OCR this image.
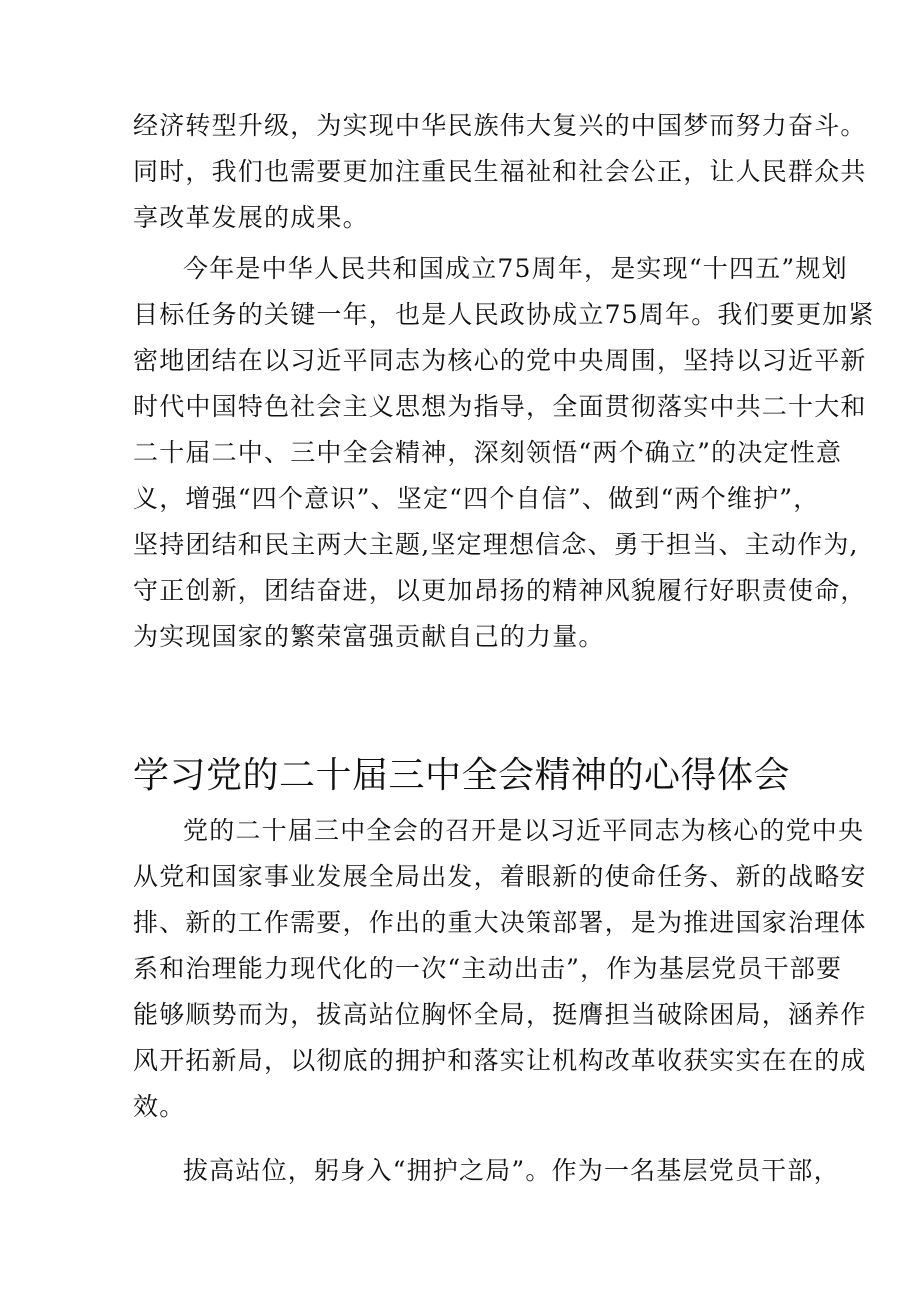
经济转型升级，为实现中华民族伟大复兴的中国梦而努力奋斗。
同时，我们也需要更加注重民生福祉和社会公正，让人民群众共
享改革发展的成果。
今年是中华人民共和国成立75周年，是实现“十四五”规划
目标任务的关键一年，也是人民政协成立75周年。我们要更加紧
密地团结在以习近平同志为核心的党中央周围，坚持以习近平新
时代中国特色社会主义思想为指导，全面贯彻落实中共二十大和
二十届二中、三中全会精神，深刻领悟“两个确立”的决定性意
义，增强“四个意识”、坚定“四个自信”、做到“两个维护”，
坚持团结和民主两大主题,坚定理想信念、勇于担当、主动作为,
守正创新，团结奋进，以更加昂扬的精神风貌履行好职责使命，
为实现国家的繁荣富强贡献自己的力量。
学习党的二十届三中全会精神的心得体会
党的二十届三中全会的召开是以习近平同志为核心的党中央
从党和国家事业发展全局出发，着眼新的使命任务、新的战略安
排、新的工作需要，作出的重大决策部署，是为推进国家治理体
系和治理能力现代化的一次“主动出击”，作为基层党员干部要
能够顺势而为，拔高站位胸怀全局，挺膺担当破除困局，涵养作
风开拓新局，以彻底的拥护和落实让机构改革收获实实在在的成
效。
拔高站位，躬身入“拥护之局”。作为一名基层党员干部，
